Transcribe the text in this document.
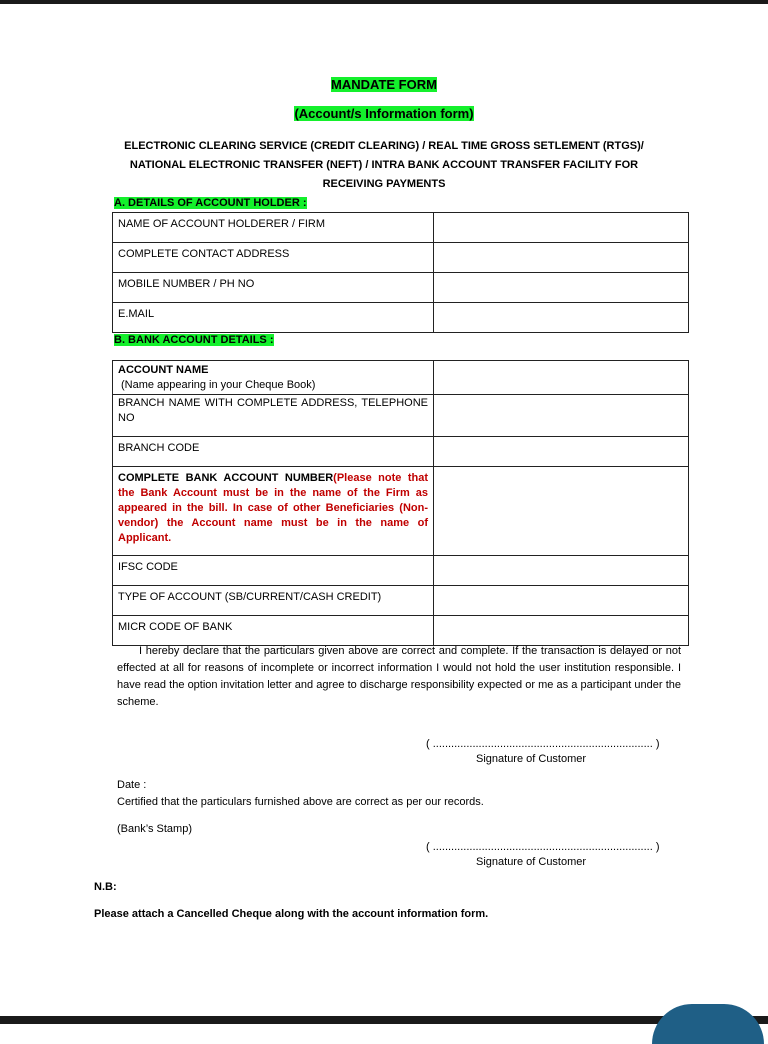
MANDATE FORM
(Account/s Information form)
ELECTRONIC CLEARING SERVICE (CREDIT CLEARING) / REAL TIME GROSS SETLEMENT (RTGS)/
NATIONAL ELECTRONIC TRANSFER (NEFT) / INTRA BANK ACCOUNT TRANSFER FACILITY FOR
RECEIVING PAYMENTS
A. DETAILS OF ACCOUNT HOLDER :
NAME OF ACCOUNT HOLDERER / FIRM	
COMPLETE CONTACT ADDRESS	
MOBILE NUMBER / PH NO	
E.MAIL	
B. BANK ACCOUNT DETAILS :
ACCOUNT NAME
(Name appearing in your Cheque Book)	

BRANCH NAME WITH COMPLETE ADDRESS, TELEPHONE NO	
BRANCH CODE	
COMPLETE BANK ACCOUNT NUMBER(Please note that the Bank Account must be in the name of the Firm as appeared in the bill. In case of other Beneficiaries (Non-vendor) the Account name must be in the name of Applicant.	
IFSC CODE	
TYPE OF ACCOUNT (SB/CURRENT/CASH CREDIT)	
MICR CODE OF BANK	
I hereby declare that the particulars given above are correct and complete. If the transaction is delayed or not effected at all for reasons of incomplete or incorrect information I would not hold the user institution responsible. I have read the option invitation letter and agree to discharge responsibility expected or me as a participant under the scheme.
( ........................................................................ )
Signature of Customer
Date :
Certified that the particulars furnished above are correct as per our records.
(Bank’s Stamp)
( ........................................................................ )
Signature of Customer
N.B:
Please attach a Cancelled Cheque along with the account information form.
